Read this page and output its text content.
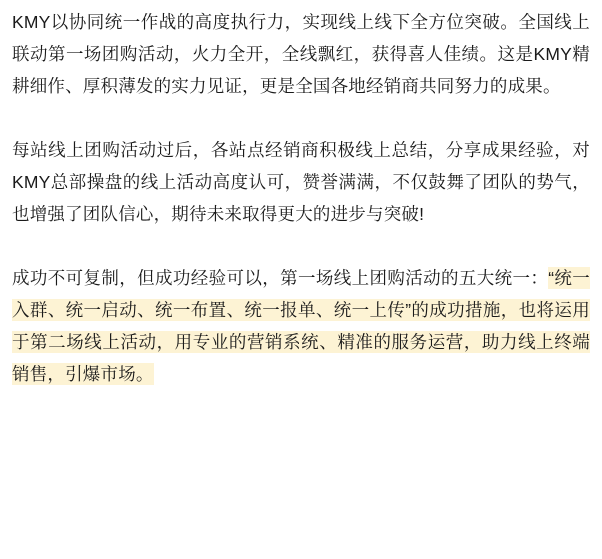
KMY以协同统一作战的高度执行力，实现线上线下全方位突破。全国线上联动第一场团购活动，火力全开，全线飘红，获得喜人佳绩。这是KMY精耕细作、厚积薄发的实力见证，更是全国各地经销商共同努力的成果。

每站线上团购活动过后，各站点经销商积极线上总结，分享成果经验，对KMY总部操盘的线上活动高度认可，赞誉满满，不仅鼓舞了团队的势气，也增强了团队信心，期待未来取得更大的进步与突破!

成功不可复制，但成功经验可以，第一场线上团购活动的五大统一：“统一入群、统一启动、统一布置、统一报单、统一上传”的成功措施，也将运用于第二场线上活动，用专业的营销系统、精准的服务运营，助力线上终端销售，引爆市场。
